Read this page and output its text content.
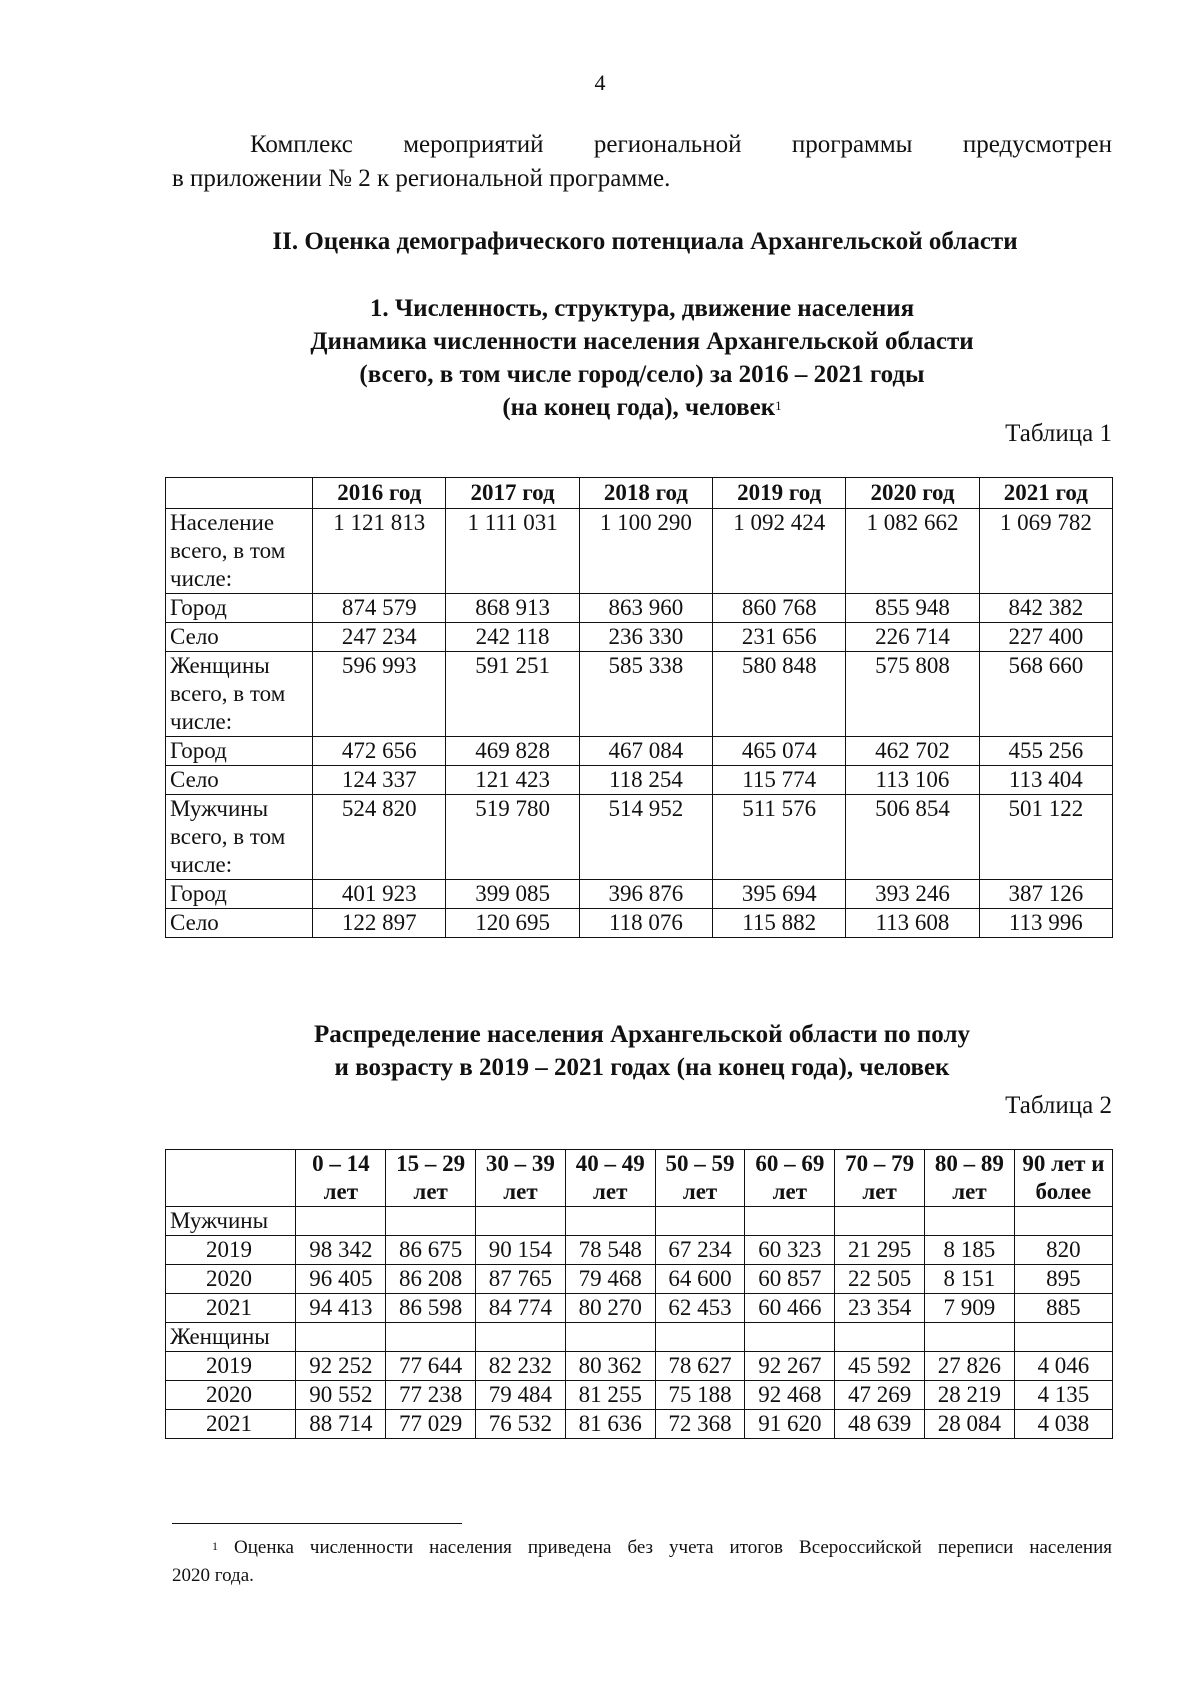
4

Комплекс мероприятий региональной программы предусмотрен

в приложении № 2 к региональной программе.

II. Оценка демографического потенциала Архангельской области
1. Численность, структура, движение населения
Динамика численности населения Архангельской области
(всего, в том числе город/село) за 2016 – 2021 годы
(на конец года), человек$^1$
Таблица 1
	2016 год	2017 год	2018 год	2019 год	2020 год	2021 год
Население всего, в том числе:	1 121 813	1 111 031	1 100 290	1 092 424	1 082 662	1 069 782
Город	874 579	868 913	863 960	860 768	855 948	842 382
Село	247 234	242 118	236 330	231 656	226 714	227 400
Женщины всего, в том числе:	596 993	591 251	585 338	580 848	575 808	568 660
Город	472 656	469 828	467 084	465 074	462 702	455 256
Село	124 337	121 423	118 254	115 774	113 106	113 404
Мужчины всего, в том числе:	524 820	519 780	514 952	511 576	506 854	501 122
Город	401 923	399 085	396 876	395 694	393 246	387 126
Село	122 897	120 695	118 076	115 882	113 608	113 996
Распределение населения Архангельской области по полу
и возрасту в 2019 – 2021 годах (на конец года), человек
Таблица 2
	0 – 14 лет	15 – 29 лет	30 – 39 лет	40 – 49 лет	50 – 59 лет	60 – 69 лет	70 – 79 лет	80 – 89 лет	90 лет и более
Мужчины									
2019	98 342	86 675	90 154	78 548	67 234	60 323	21 295	8 185	820
2020	96 405	86 208	87 765	79 468	64 600	60 857	22 505	8 151	895
2021	94 413	86 598	84 774	80 270	62 453	60 466	23 354	7 909	885
Женщины									
2019	92 252	77 644	82 232	80 362	78 627	92 267	45 592	27 826	4 046
2020	90 552	77 238	79 484	81 255	75 188	92 468	47 269	28 219	4 135
2021	88 714	77 029	76 532	81 636	72 368	91 620	48 639	28 084	4 038
$^1$ Оценка численности населения приведена без учета итогов Всероссийской переписи населения
2020 года.
